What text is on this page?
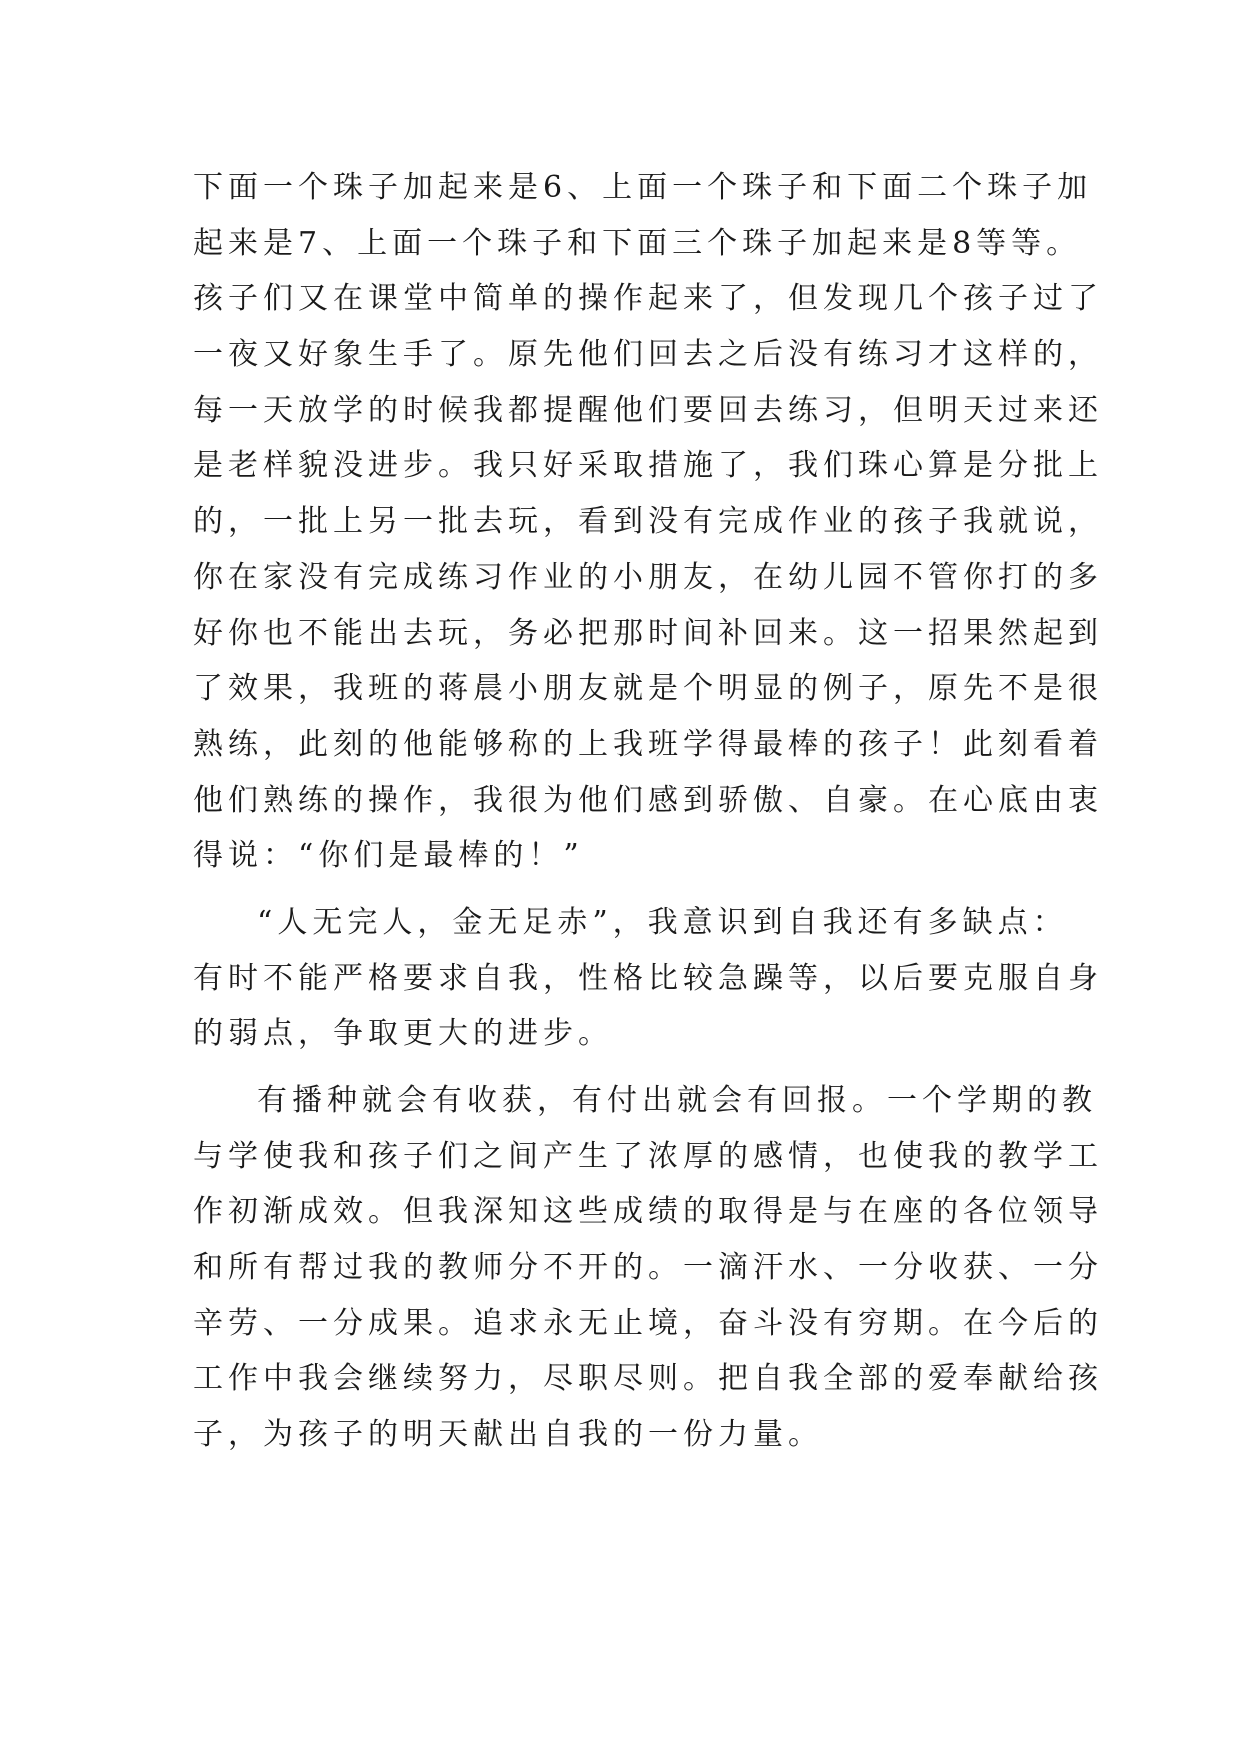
下面一个珠子加起来是6、上面一个珠子和下面二个珠子加
起来是7、上面一个珠子和下面三个珠子加起来是8等等。
孩子们又在课堂中简单的操作起来了，但发现几个孩子过了
一夜又好象生手了。原先他们回去之后没有练习才这样的，
每一天放学的时候我都提醒他们要回去练习，但明天过来还
是老样貌没进步。我只好采取措施了，我们珠心算是分批上
的，一批上另一批去玩，看到没有完成作业的孩子我就说，
你在家没有完成练习作业的小朋友，在幼儿园不管你打的多
好你也不能出去玩，务必把那时间补回来。这一招果然起到
了效果，我班的蒋晨小朋友就是个明显的例子，原先不是很
熟练，此刻的他能够称的上我班学得最棒的孩子！此刻看着
他们熟练的操作，我很为他们感到骄傲、自豪。在心底由衷
得说：“你们是最棒的！”
“人无完人，金无足赤”，我意识到自我还有多缺点：
有时不能严格要求自我，性格比较急躁等，以后要克服自身
的弱点，争取更大的进步。
有播种就会有收获，有付出就会有回报。一个学期的教
与学使我和孩子们之间产生了浓厚的感情，也使我的教学工
作初渐成效。但我深知这些成绩的取得是与在座的各位领导
和所有帮过我的教师分不开的。一滴汗水、一分收获、一分
辛劳、一分成果。追求永无止境，奋斗没有穷期。在今后的
工作中我会继续努力，尽职尽则。把自我全部的爱奉献给孩
子，为孩子的明天献出自我的一份力量。
